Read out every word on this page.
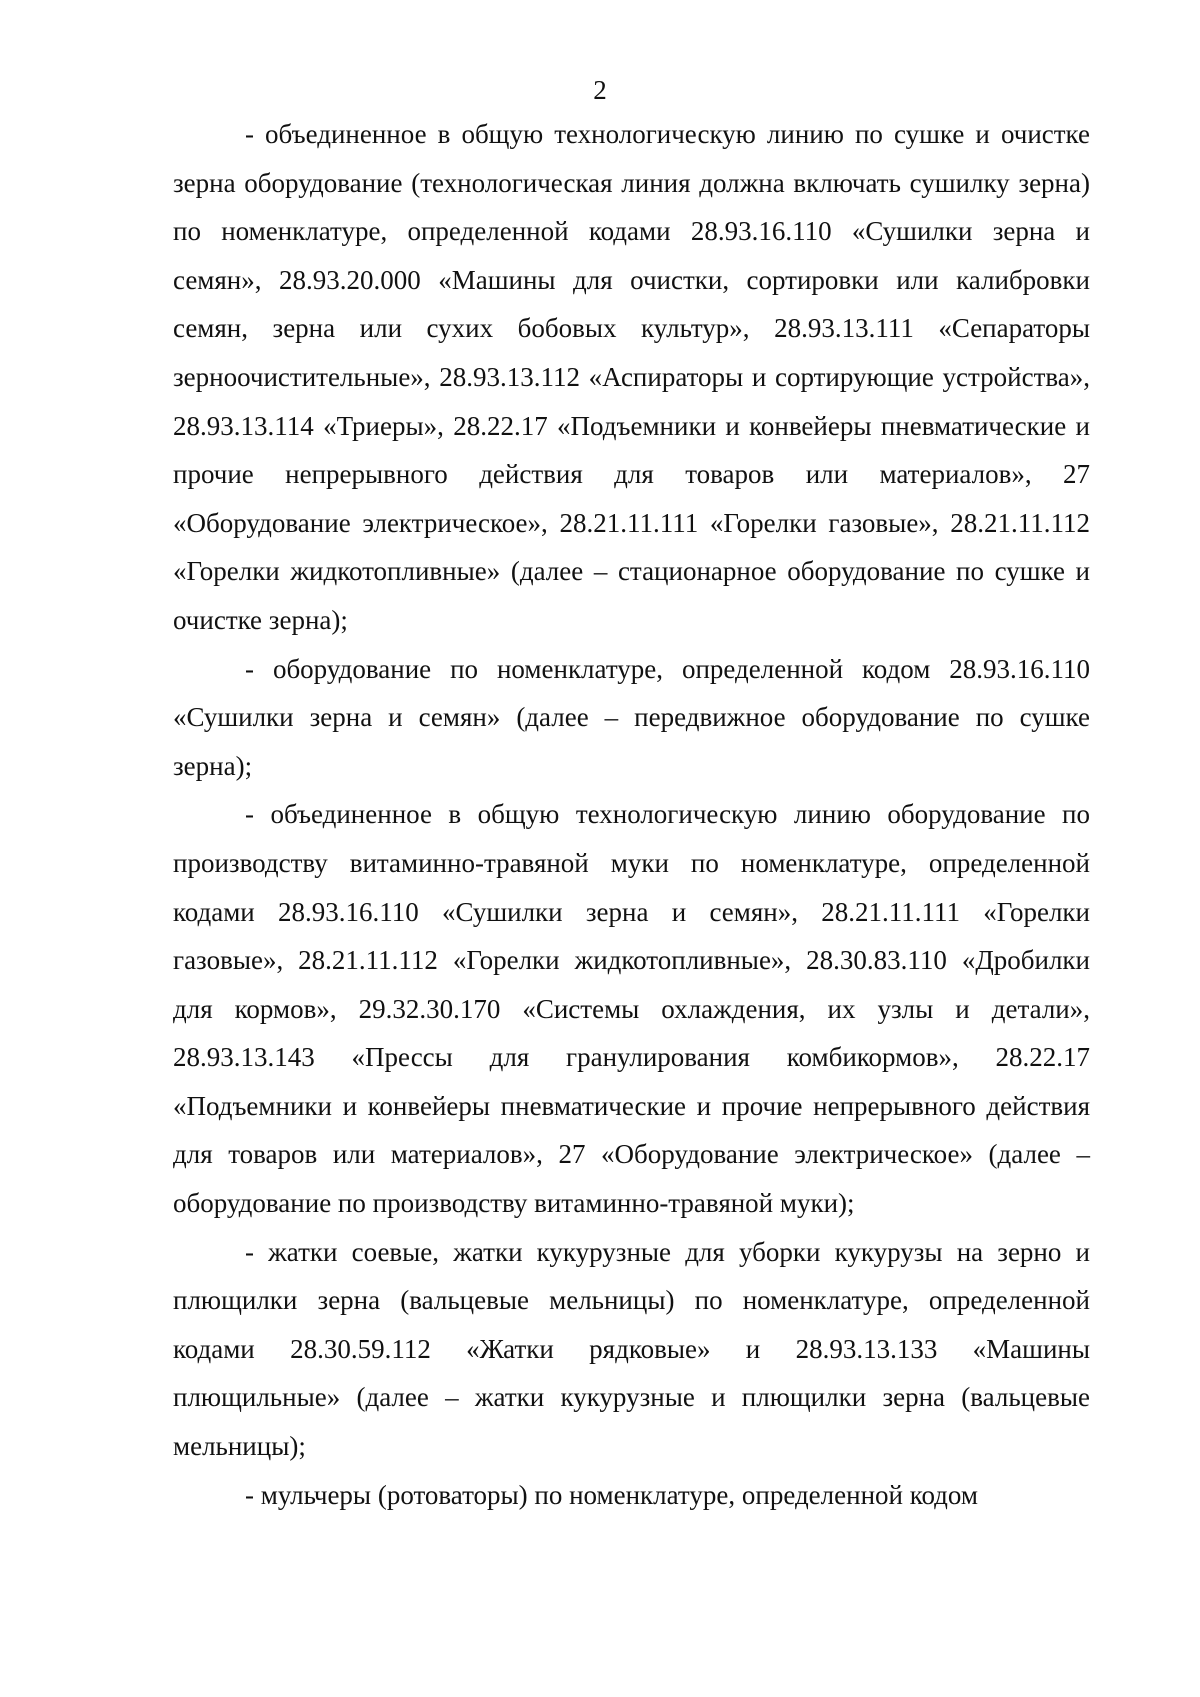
2

- объединенное в общую технологическую линию по сушке и очистке зерна оборудование (технологическая линия должна включать сушилку зерна) по номенклатуре, определенной кодами 28.93.16.110 «Сушилки зерна и семян», 28.93.20.000 «Машины для очистки, сортировки или калибровки семян, зерна или сухих бобовых культур», 28.93.13.111 «Сепараторы зерноочистительные», 28.93.13.112 «Аспираторы и сортирующие устройства», 28.93.13.114 «Триеры», 28.22.17 «Подъемники и конвейеры пневматические и прочие непрерывного действия для товаров или материалов», 27 «Оборудование электрическое», 28.21.11.111 «Горелки газовые», 28.21.11.112 «Горелки жидкотопливные» (далее – стационарное оборудование по сушке и очистке зерна);

- оборудование по номенклатуре, определенной кодом 28.93.16.110 «Сушилки зерна и семян» (далее – передвижное оборудование по сушке зерна);

- объединенное в общую технологическую линию оборудование по производству витаминно-травяной муки по номенклатуре, определенной кодами 28.93.16.110 «Сушилки зерна и семян», 28.21.11.111 «Горелки газовые», 28.21.11.112 «Горелки жидкотопливные», 28.30.83.110 «Дробилки для кормов», 29.32.30.170 «Системы охлаждения, их узлы и детали», 28.93.13.143 «Прессы для гранулирования комбикормов», 28.22.17 «Подъемники и конвейеры пневматические и прочие непрерывного действия для товаров или материалов», 27 «Оборудование электрическое» (далее – оборудование по производству витаминно-травяной муки);

- жатки соевые, жатки кукурузные для уборки кукурузы на зерно и плющилки зерна (вальцевые мельницы) по номенклатуре, определенной кодами 28.30.59.112 «Жатки рядковые» и 28.93.13.133 «Машины плющильные» (далее – жатки кукурузные и плющилки зерна (вальцевые мельницы);

- мульчеры (ротоваторы) по номенклатуре, определенной кодом
